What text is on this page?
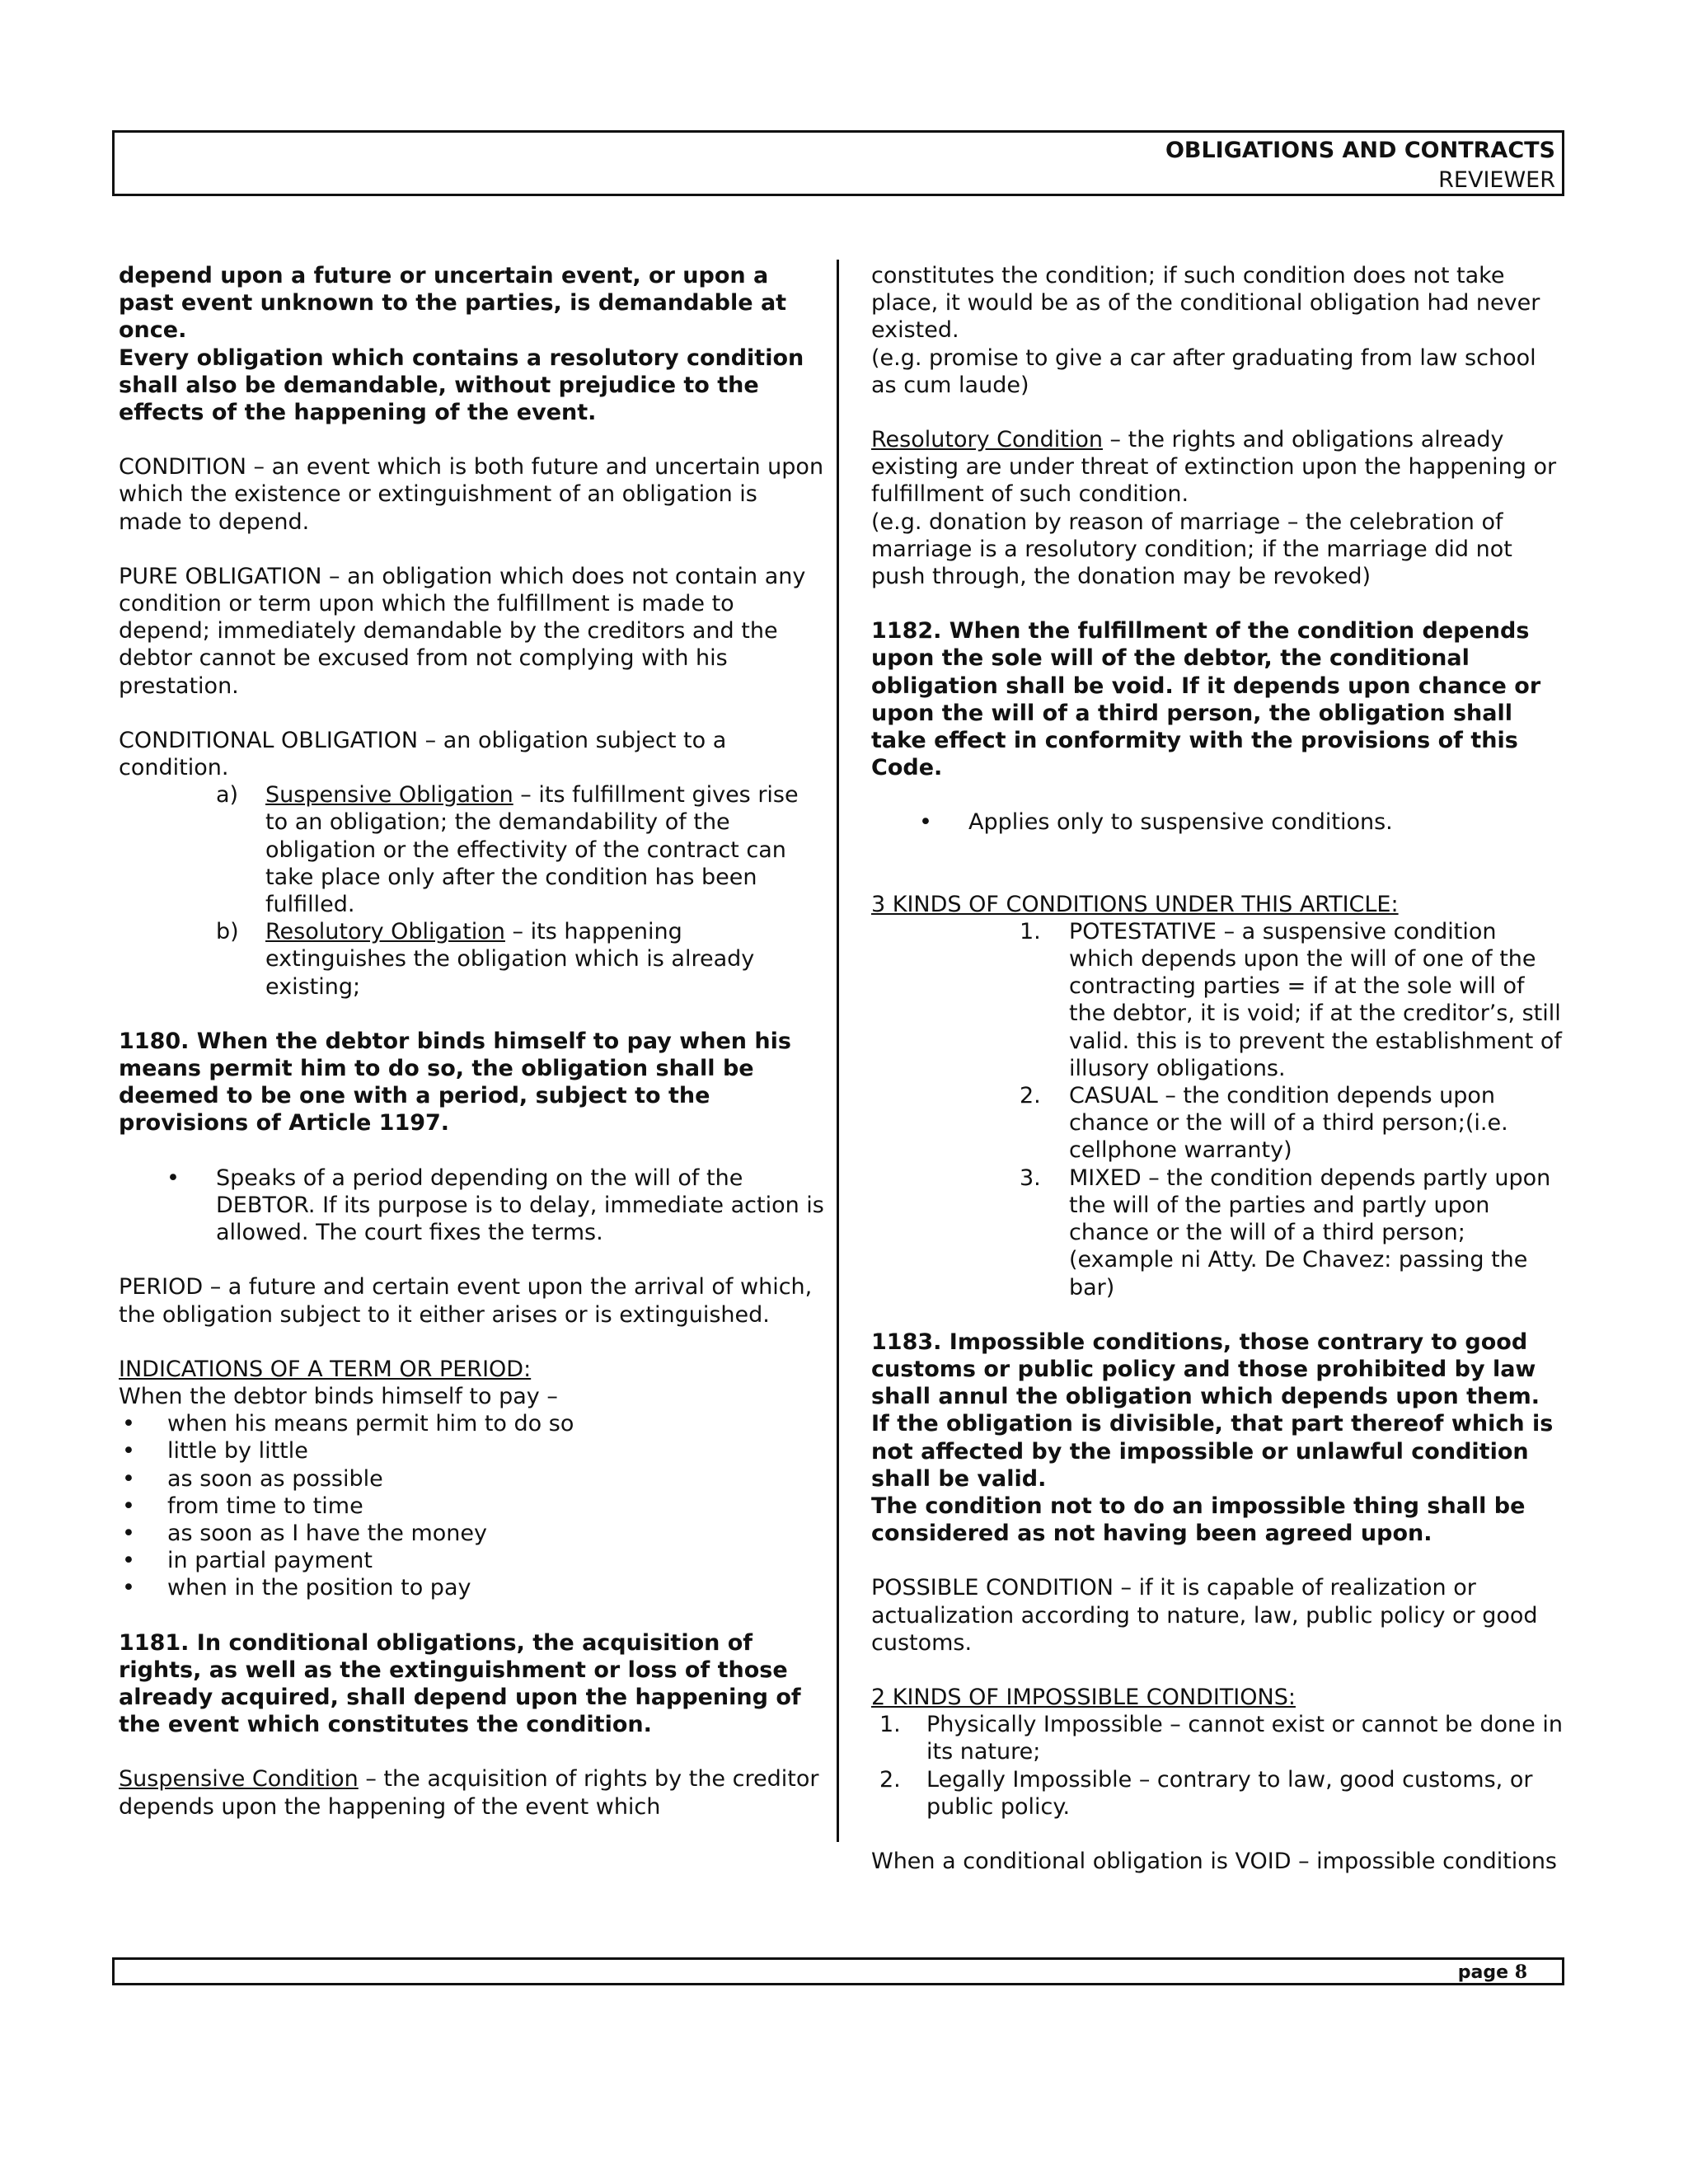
OBLIGATIONS AND CONTRACTS
REVIEWER

depend upon a future or uncertain event, or upon a past event unknown to the parties, is demandable at once.

Every obligation which contains a resolutory condition shall also be demandable, without prejudice to the effects of the happening of the event.

CONDITION – an event which is both future and uncertain upon which the existence or extinguishment of an obligation is made to depend.

PURE OBLIGATION – an obligation which does not contain any condition or term upon which the fulfillment is made to depend; immediately demandable by the creditors and the debtor cannot be excused from not complying with his prestation.

CONDITIONAL OBLIGATION – an obligation subject to a condition.

a) Suspensive Obligation – its fulfillment gives rise to an obligation; the demandability of the obligation or the effectivity of the contract can take place only after the condition has been fulfilled.
b) Resolutory Obligation – its happening extinguishes the obligation which is already existing;

1180. When the debtor binds himself to pay when his means permit him to do so, the obligation shall be deemed to be one with a period, subject to the provisions of Article 1197.

• Speaks of a period depending on the will of the DEBTOR. If its purpose is to delay, immediate action is allowed. The court fixes the terms.

PERIOD – a future and certain event upon the arrival of which, the obligation subject to it either arises or is extinguished.

INDICATIONS OF A TERM OR PERIOD:

When the debtor binds himself to pay –

• when his means permit him to do so
• little by little
• as soon as possible
• from time to time
• as soon as I have the money
• in partial payment
• when in the position to pay

1181. In conditional obligations, the acquisition of rights, as well as the extinguishment or loss of those already acquired, shall depend upon the happening of the event which constitutes the condition.

Suspensive Condition – the acquisition of rights by the creditor depends upon the happening of the event which

constitutes the condition; if such condition does not take place, it would be as of the conditional obligation had never existed.

(e.g. promise to give a car after graduating from law school as cum laude)

Resolutory Condition – the rights and obligations already existing are under threat of extinction upon the happening or fulfillment of such condition.

(e.g. donation by reason of marriage – the celebration of marriage is a resolutory condition; if the marriage did not push through, the donation may be revoked)

1182. When the fulfillment of the condition depends upon the sole will of the debtor, the conditional obligation shall be void. If it depends upon chance or upon the will of a third person, the obligation shall take effect in conformity with the provisions of this Code.

• Applies only to suspensive conditions.

3 KINDS OF CONDITIONS UNDER THIS ARTICLE:

1. POTESTATIVE – a suspensive condition which depends upon the will of one of the contracting parties = if at the sole will of the debtor, it is void; if at the creditor’s, still valid. this is to prevent the establishment of illusory obligations.
2. CASUAL – the condition depends upon chance or the will of a third person;(i.e. cellphone warranty)
3. MIXED – the condition depends partly upon the will of the parties and partly upon chance or the will of a third person; (example ni Atty. De Chavez: passing the bar)

1183. Impossible conditions, those contrary to good customs or public policy and those prohibited by law shall annul the obligation which depends upon them. If the obligation is divisible, that part thereof which is not affected by the impossible or unlawful condition shall be valid.

The condition not to do an impossible thing shall be considered as not having been agreed upon.

POSSIBLE CONDITION – if it is capable of realization or actualization according to nature, law, public policy or good customs.

2 KINDS OF IMPOSSIBLE CONDITIONS:

1. Physically Impossible – cannot exist or cannot be done in its nature;
2. Legally Impossible – contrary to law, good customs, or public policy.

When a conditional obligation is VOID – impossible conditions

page 8
